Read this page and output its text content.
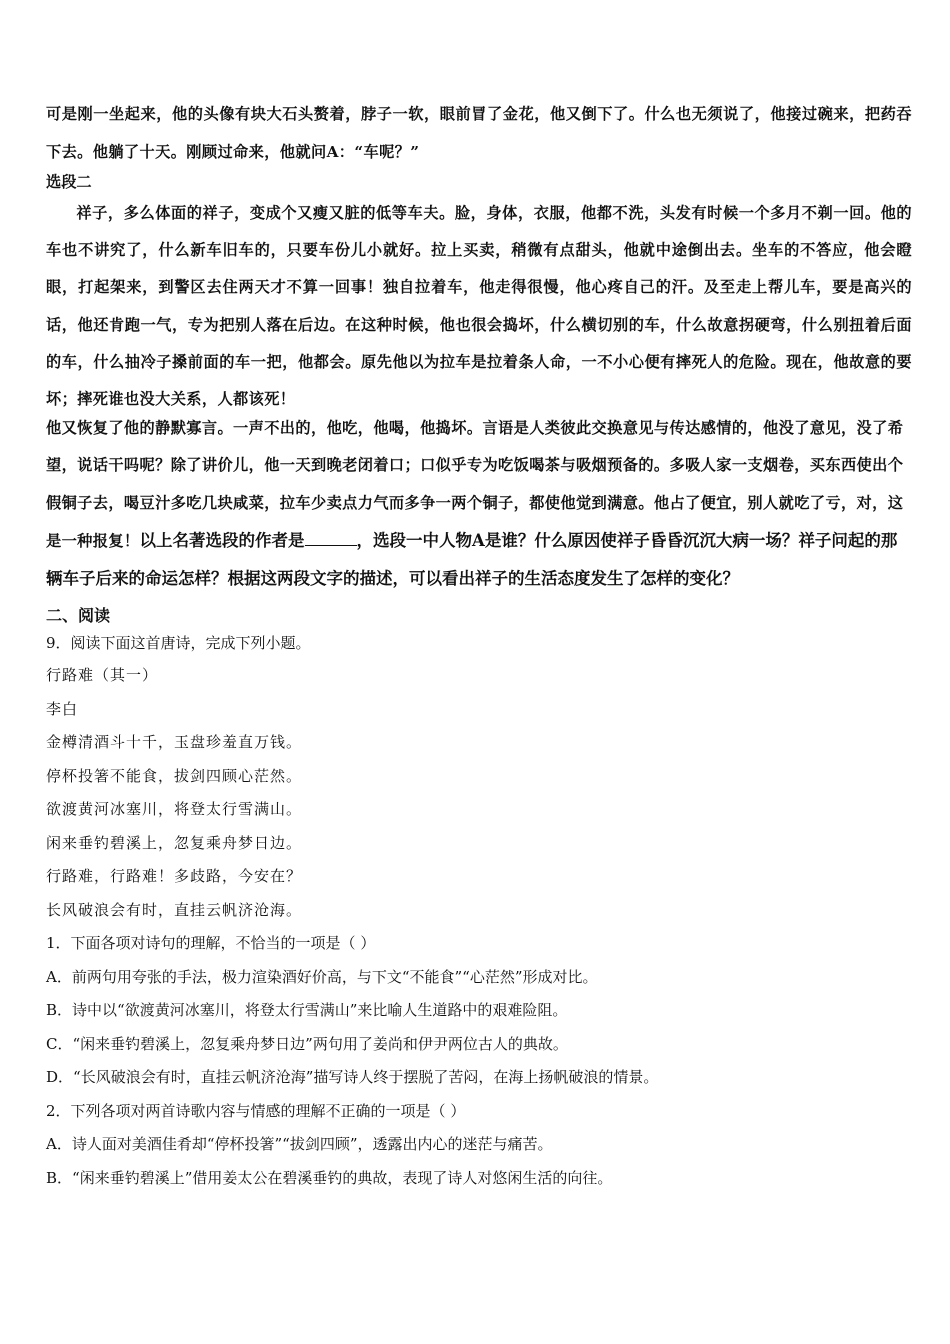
可是刚一坐起来，他的头像有块大石头赘着，脖子一软，眼前冒了金花，他又倒下了。什么也无须说了，他接过碗来，把药吞下去。他躺了十天。刚顾过命来，他就问A：“车呢？”

选段二

祥子，多么体面的祥子，变成个又瘦又脏的低等车夫。脸，身体，衣服，他都不洗，头发有时候一个多月不剃一回。他的车也不讲究了，什么新车旧车的，只要车份儿小就好。拉上买卖，稍微有点甜头，他就中途倒出去。坐车的不答应，他会瞪眼，打起架来，到警区去住两天才不算一回事！独自拉着车，他走得很慢，他心疼自己的汗。及至走上帮儿车，要是高兴的话，他还肯跑一气，专为把别人落在后边。在这种时候，他也很会捣坏，什么横切别的车，什么故意拐硬弯，什么别扭着后面的车，什么抽冷子搡前面的车一把，他都会。原先他以为拉车是拉着条人命，一不小心便有摔死人的危险。现在，他故意的要坏；摔死谁也没大关系，人都该死！

他又恢复了他的静默寡言。一声不出的，他吃，他喝，他捣坏。言语是人类彼此交换意见与传达感情的，他没了意见，没了希望，说话干吗呢？除了讲价儿，他一天到晚老闭着口；口似乎专为吃饭喝茶与吸烟预备的。多吸人家一支烟卷，买东西使出个假铜子去，喝豆汁多吃几块咸菜，拉车少卖点力气而多争一两个铜子，都使他觉到满意。他占了便宜，别人就吃了亏，对，这是一种报复！以上名著选段的作者是	，选段一中人物A是谁？什么原因使祥子昏昏沉沉大病一场？祥子问起的那辆车子后来的命运怎样？根据这两段文字的描述，可以看出祥子的生活态度发生了怎样的变化？

二、阅读

9．阅读下面这首唐诗，完成下列小题。

行路难（其一）

李白

金樽清酒斗十千，玉盘珍羞直万钱。

停杯投箸不能食，拔剑四顾心茫然。

欲渡黄河冰塞川，将登太行雪满山。

闲来垂钓碧溪上，忽复乘舟梦日边。

行路难，行路难！多歧路，今安在？

长风破浪会有时，直挂云帆济沧海。

1．下面各项对诗句的理解，不恰当的一项是（ ）

A．前两句用夸张的手法，极力渲染酒好价高，与下文“不能食”“心茫然”形成对比。

B．诗中以“欲渡黄河冰塞川，将登太行雪满山”来比喻人生道路中的艰难险阻。

C．“闲来垂钓碧溪上，忽复乘舟梦日边”两句用了姜尚和伊尹两位古人的典故。

D．“长风破浪会有时，直挂云帆济沧海”描写诗人终于摆脱了苦闷，在海上扬帆破浪的情景。

2．下列各项对两首诗歌内容与情感的理解不正确的一项是（ ）

A．诗人面对美酒佳肴却“停杯投箸”“拔剑四顾”，透露出内心的迷茫与痛苦。

B．“闲来垂钓碧溪上”借用姜太公在碧溪垂钓的典故，表现了诗人对悠闲生活的向往。
